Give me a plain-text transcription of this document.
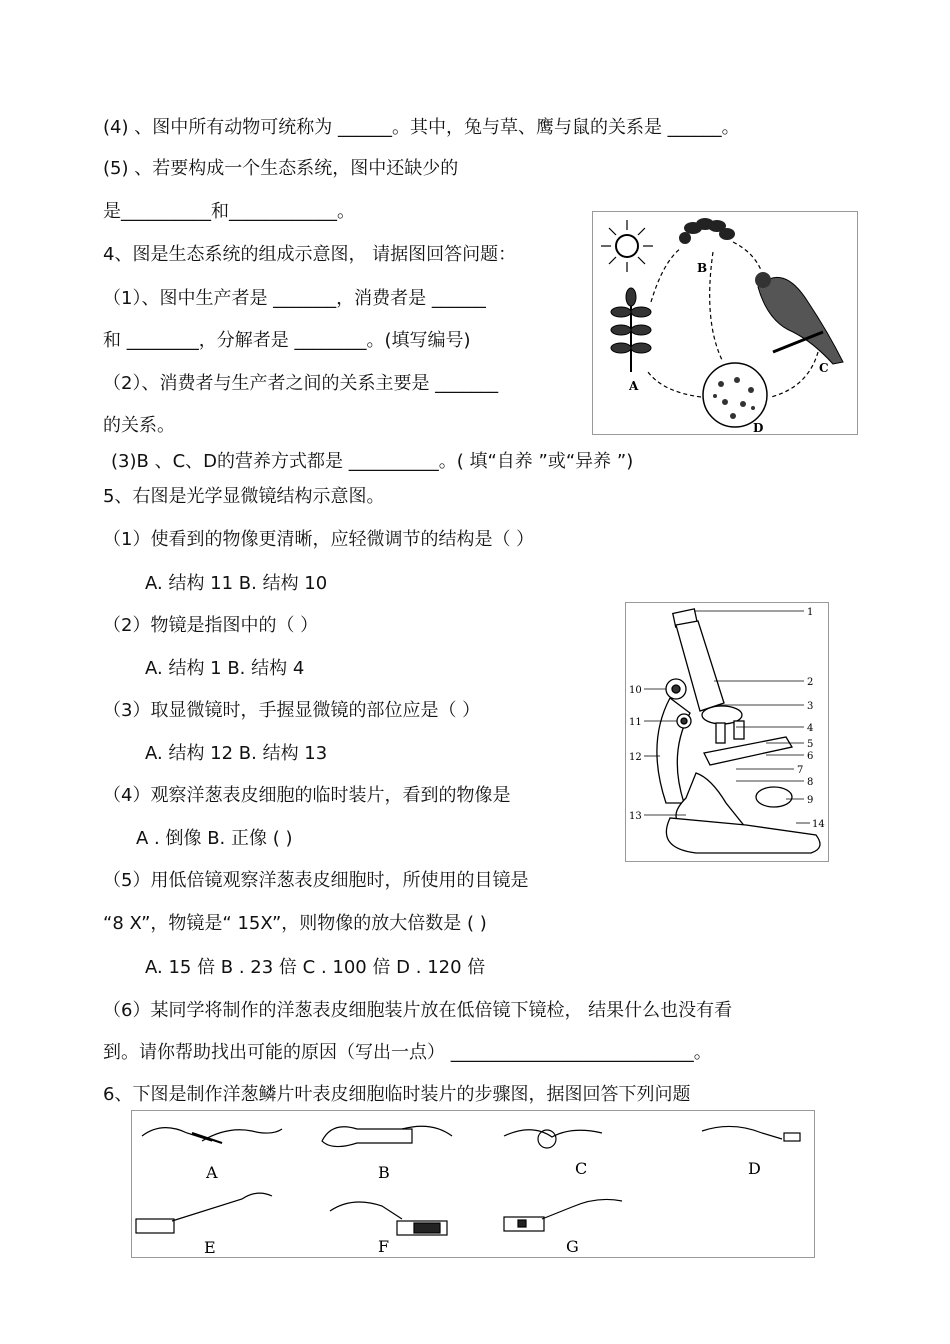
(4) 、图中所有动物可统称为 ______。其中，兔与草、鹰与鼠的关系是 ______。
(5) 、若要构成一个生态系统，图中还缺少的
是__________和____________。
4、图是生态系统的组成示意图， 请据图回答问题：
（1）、图中生产者是 _______，消费者是 ______
和 ________，分解者是 ________。(填写编号)
（2）、消费者与生产者之间的关系主要是 _______
的关系。
(3)B 、C、D的营养方式都是 __________。( 填“自养 ”或“异养 ”)
5、右图是光学显微镜结构示意图。
（1）使看到的物像更清晰，应轻微调节的结构是（ ）
A. 结构 11 B. 结构 10
（2）物镜是指图中的（ ）
A. 结构 1 B. 结构 4
（3）取显微镜时，手握显微镜的部位应是（ ）
A. 结构 12 B. 结构 13
（4）观察洋葱表皮细胞的临时装片，看到的物像是
A . 倒像 B. 正像 ( )
（5）用低倍镜观察洋葱表皮细胞时，所使用的目镜是
“8 X”，物镜是“ 15X”，则物像的放大倍数是 ( )
A. 15 倍 B . 23 倍 C . 100 倍 D . 120 倍
（6）某同学将制作的洋葱表皮细胞装片放在低倍镜下镜检， 结果什么也没有看
到。请你帮助找出可能的原因（写出一点） ___________________________。
6、下图是制作洋葱鳞片叶表皮细胞临时装片的步骤图，据图回答下列问题
A
B
C
D
1
2
3
4
5
6
7
8
9
10
11
12
13
14
A	B	C	D
E	F	G
